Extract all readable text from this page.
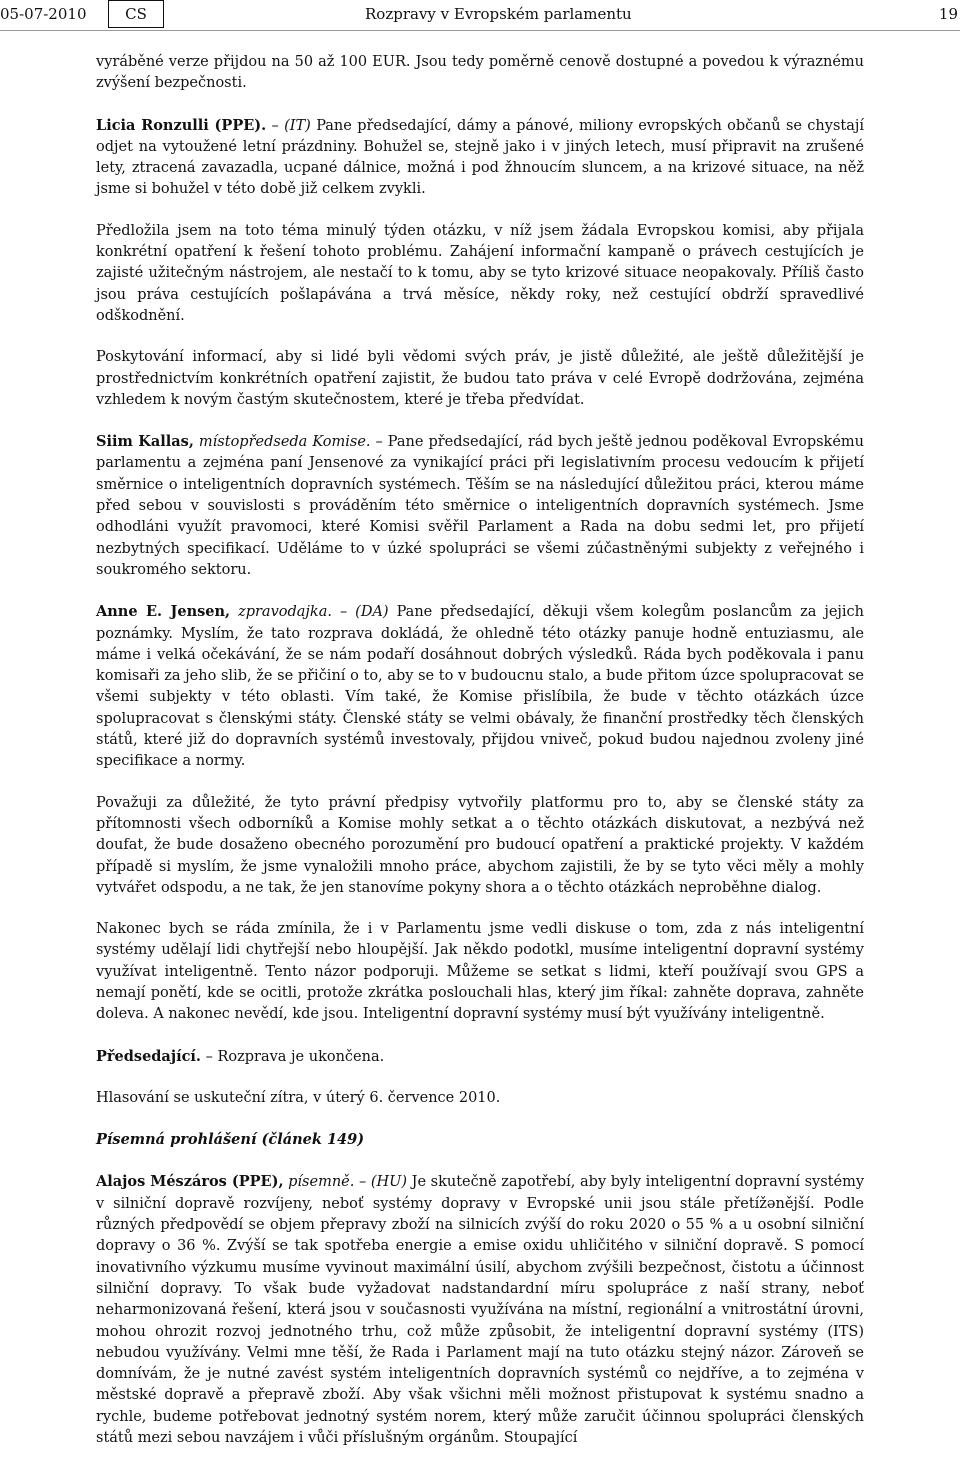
05-07-2010	CS	Rozpravy v Evropském parlamentu	19

vyráběné verze přijdou na 50 až 100 EUR. Jsou tedy poměrně cenově dostupné a povedou k výraznému zvýšení bezpečnosti.

Licia Ronzulli (PPE). – (IT) Pane předsedající, dámy a pánové, miliony evropských občanů se chystají odjet na vytoužené letní prázdniny. Bohužel se, stejně jako i v jiných letech, musí připravit na zrušené lety, ztracená zavazadla, ucpané dálnice, možná i pod žhnoucím sluncem, a na krizové situace, na něž jsme si bohužel v této době již celkem zvykli.

Předložila jsem na toto téma minulý týden otázku, v níž jsem žádala Evropskou komisi, aby přijala konkrétní opatření k řešení tohoto problému. Zahájení informační kampaně o právech cestujících je zajisté užitečným nástrojem, ale nestačí to k tomu, aby se tyto krizové situace neopakovaly. Příliš často jsou práva cestujících pošlapávána a trvá měsíce, někdy roky, než cestující obdrží spravedlivé odškodnění.

Poskytování informací, aby si lidé byli vědomi svých práv, je jistě důležité, ale ještě důležitější je prostřednictvím konkrétních opatření zajistit, že budou tato práva v celé Evropě dodržována, zejména vzhledem k novým častým skutečnostem, které je třeba předvídat.

Siim Kallas, místopředseda Komise. – Pane předsedající, rád bych ještě jednou poděkoval Evropskému parlamentu a zejména paní Jensenové za vynikající práci při legislativním procesu vedoucím k přijetí směrnice o inteligentních dopravních systémech. Těším se na následující důležitou práci, kterou máme před sebou v souvislosti s prováděním této směrnice o inteligentních dopravních systémech. Jsme odhodláni využít pravomoci, které Komisi svěřil Parlament a Rada na dobu sedmi let, pro přijetí nezbytných specifikací. Uděláme to v úzké spolupráci se všemi zúčastněnými subjekty z veřejného i soukromého sektoru.

Anne E. Jensen, zpravodajka. – (DA) Pane předsedající, děkuji všem kolegům poslancům za jejich poznámky. Myslím, že tato rozprava dokládá, že ohledně této otázky panuje hodně entuziasmu, ale máme i velká očekávání, že se nám podaří dosáhnout dobrých výsledků. Ráda bych poděkovala i panu komisaři za jeho slib, že se přičiní o to, aby se to v budoucnu stalo, a bude přitom úzce spolupracovat se všemi subjekty v této oblasti. Vím také, že Komise přislíbila, že bude v těchto otázkách úzce spolupracovat s členskými státy. Členské státy se velmi obávaly, že finanční prostředky těch členských států, které již do dopravních systémů investovaly, přijdou vniveč, pokud budou najednou zvoleny jiné specifikace a normy.

Považuji za důležité, že tyto právní předpisy vytvořily platformu pro to, aby se členské státy za přítomnosti všech odborníků a Komise mohly setkat a o těchto otázkách diskutovat, a nezbývá než doufat, že bude dosaženo obecného porozumění pro budoucí opatření a praktické projekty. V každém případě si myslím, že jsme vynaložili mnoho práce, abychom zajistili, že by se tyto věci měly a mohly vytvářet odspodu, a ne tak, že jen stanovíme pokyny shora a o těchto otázkách neproběhne dialog.

Nakonec bych se ráda zmínila, že i v Parlamentu jsme vedli diskuse o tom, zda z nás inteligentní systémy udělají lidi chytřejší nebo hloupější. Jak někdo podotkl, musíme inteligentní dopravní systémy využívat inteligentně. Tento názor podporuji. Můžeme se setkat s lidmi, kteří používají svou GPS a nemají ponětí, kde se ocitli, protože zkrátka poslouchali hlas, který jim říkal: zahněte doprava, zahněte doleva. A nakonec nevědí, kde jsou. Inteligentní dopravní systémy musí být využívány inteligentně.

Předsedající. – Rozprava je ukončena.

Hlasování se uskuteční zítra, v úterý 6. července 2010.

Písemná prohlášení (článek 149)

Alajos Mészáros (PPE), písemně. – (HU) Je skutečně zapotřebí, aby byly inteligentní dopravní systémy v silniční dopravě rozvíjeny, neboť systémy dopravy v Evropské unii jsou stále přetížənější. Podle různých předpovědí se objem přepravy zboží na silnicích zvýší do roku 2020 o 55 % a u osobní silniční dopravy o 36 %. Zvýší se tak spotřeba energie a emise oxidu uhličitého v silniční dopravě. S pomocí inovativního výzkumu musíme vyvinout maximální úsilí, abychom zvýšili bezpečnost, čistotu a účinnost silniční dopravy. To však bude vyžadovat nadstandardní míru spolupráce z naší strany, neboť neharmonizovaná řešení, která jsou v současnosti využívána na místní, regionální a vnitrostátní úrovni, mohou ohrozit rozvoj jednotného trhu, což může způsobit, že inteligentní dopravní systémy (ITS) nebudou využívány. Velmi mne těší, že Rada i Parlament mají na tuto otázku stejný názor. Zároveň se domnívám, že je nutné zavést systém inteligentních dopravních systémů co nejdříve, a to zejména v městské dopravě a přepravě zboží. Aby však všichni měli možnost přistupovat k systému snadno a rychle, budeme potřebovat jednotný systém norem, který může zaručit účinnou spolupráci členských států mezi sebou navzájem i vůči příslušným orgánům. Stoupající
